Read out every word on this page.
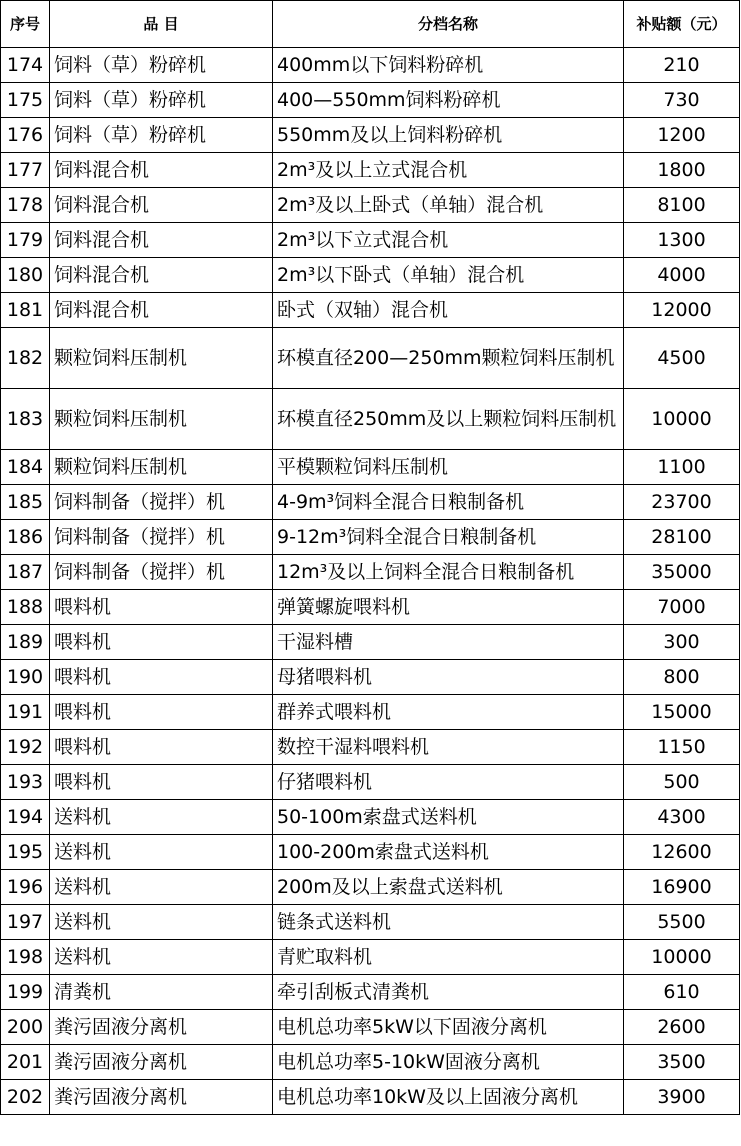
序号	品 目	分档名称	补贴额（元）
174	饲料（草）粉碎机	400mm以下饲料粉碎机	210
175	饲料（草）粉碎机	400—550mm饲料粉碎机	730
176	饲料（草）粉碎机	550mm及以上饲料粉碎机	1200
177	饲料混合机	2m³及以上立式混合机	1800
178	饲料混合机	2m³及以上卧式（单轴）混合机	8100
179	饲料混合机	2m³以下立式混合机	1300
180	饲料混合机	2m³以下卧式（单轴）混合机	4000
181	饲料混合机	卧式（双轴）混合机	12000
182	颗粒饲料压制机	环模直径200—250mm颗粒饲料压制机	4500
183	颗粒饲料压制机	环模直径250mm及以上颗粒饲料压制机	10000
184	颗粒饲料压制机	平模颗粒饲料压制机	1100
185	饲料制备（搅拌）机	4-9m³饲料全混合日粮制备机	23700
186	饲料制备（搅拌）机	9-12m³饲料全混合日粮制备机	28100
187	饲料制备（搅拌）机	12m³及以上饲料全混合日粮制备机	35000
188	喂料机	弹簧螺旋喂料机	7000
189	喂料机	干湿料槽	300
190	喂料机	母猪喂料机	800
191	喂料机	群养式喂料机	15000
192	喂料机	数控干湿料喂料机	1150
193	喂料机	仔猪喂料机	500
194	送料机	50-100m索盘式送料机	4300
195	送料机	100-200m索盘式送料机	12600
196	送料机	200m及以上索盘式送料机	16900
197	送料机	链条式送料机	5500
198	送料机	青贮取料机	10000
199	清粪机	牵引刮板式清粪机	610
200	粪污固液分离机	电机总功率5kW以下固液分离机	2600
201	粪污固液分离机	电机总功率5-10kW固液分离机	3500
202	粪污固液分离机	电机总功率10kW及以上固液分离机	3900
